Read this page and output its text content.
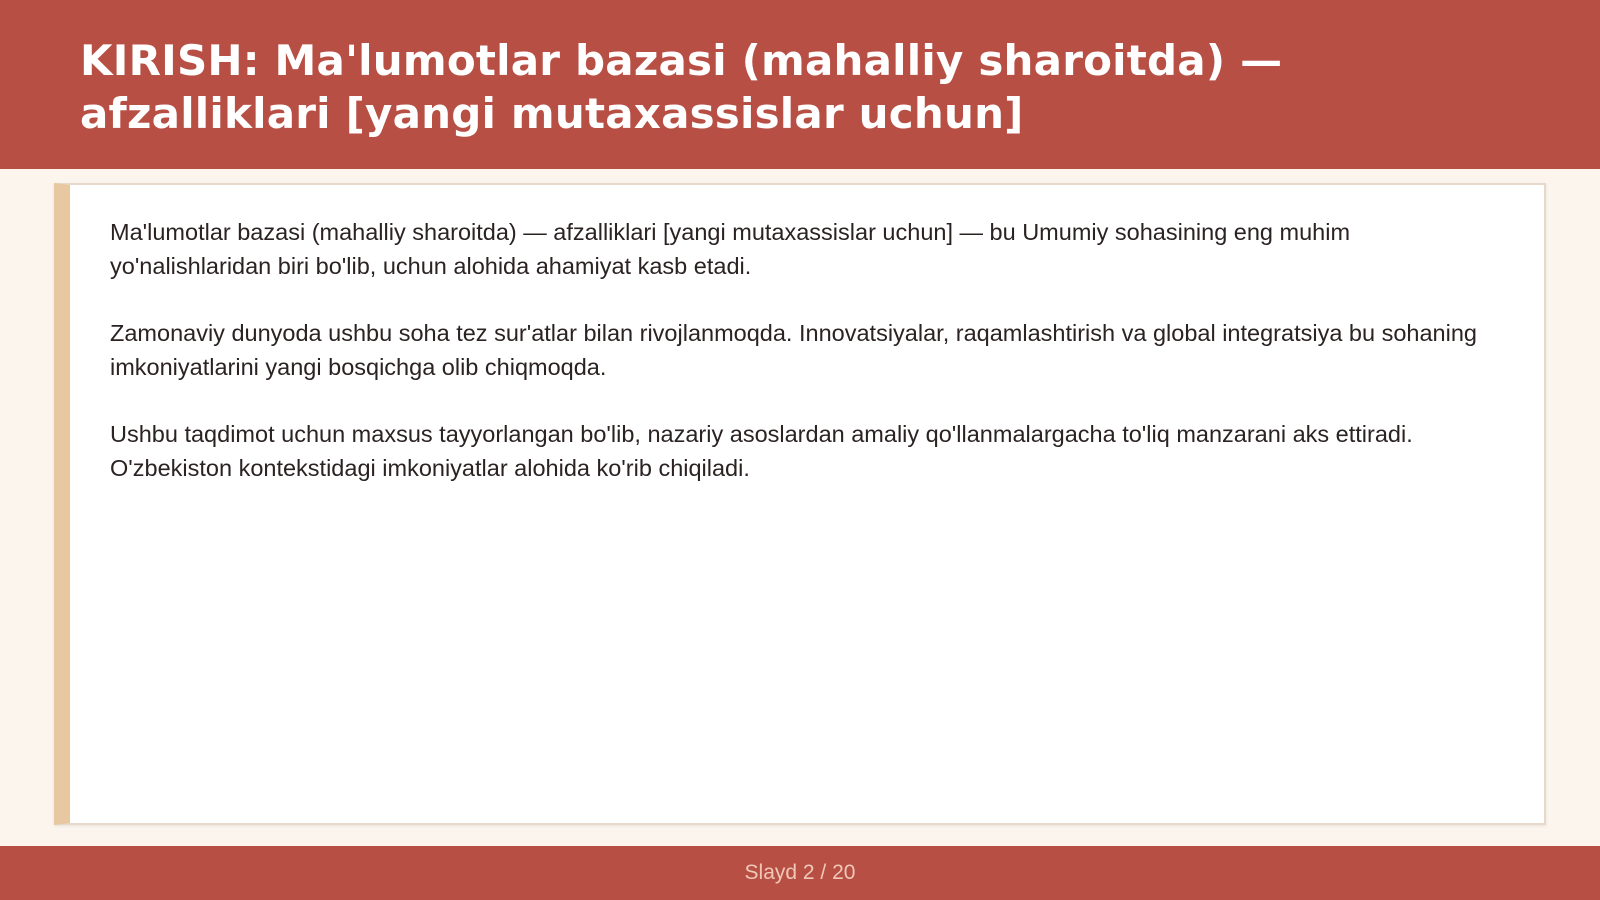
KIRISH: Ma'lumotlar bazasi (mahalliy sharoitda) — afzalliklari [yangi mutaxassislar uchun]

Ma'lumotlar bazasi (mahalliy sharoitda) — afzalliklari [yangi mutaxassislar uchun] — bu Umumiy sohasining eng muhim yo'nalishlaridan biri bo'lib, uchun alohida ahamiyat kasb etadi.

Zamonaviy dunyoda ushbu soha tez sur'atlar bilan rivojlanmoqda. Innovatsiyalar, raqamlashtirish va global integratsiya bu sohaning imkoniyatlarini yangi bosqichga olib chiqmoqda.

Ushbu taqdimot uchun maxsus tayyorlangan bo'lib, nazariy asoslardan amaliy qo'llanmalargacha to'liq manzarani aks ettiradi. O'zbekiston kontekstidagi imkoniyatlar alohida ko'rib chiqiladi.

Slayd 2 / 20
